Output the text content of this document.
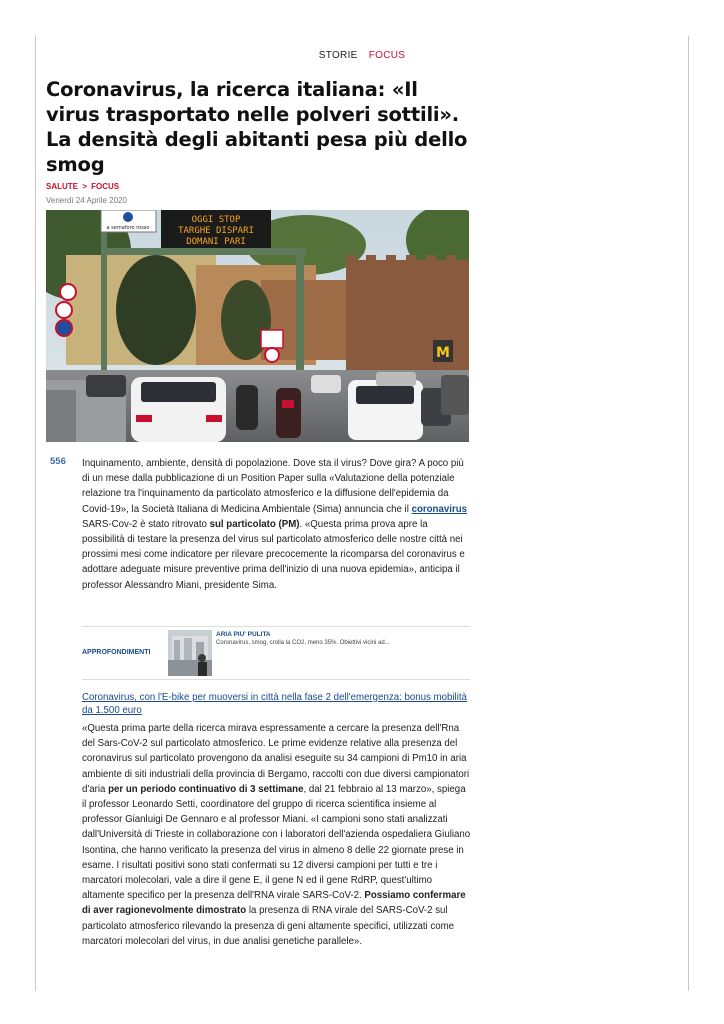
STORIE FOCUS
Coronavirus, la ricerca italiana: «Il virus trasportato nelle polveri sottili». La densità degli abitanti pesa più dello smog
SALUTE > FOCUS
Venerdì 24 Aprile 2020
OGGI STOP
TARGHE DISPARI
DOMANI PARI
a semaforo rosso
M
556 Inquinamento, ambiente, densità di popolazione. Dove sta il virus? Dove gira? A poco più di un mese dalla pubblicazione di un Position Paper sulla «Valutazione della potenziale relazione tra l'inquinamento da particolato atmosferico e la diffusione dell'epidemia da Covid-19», la Società Italiana di Medicina Ambientale (Sima) annuncia che il coronavirus SARS-Cov-2 è stato ritrovato sul particolato (PM). «Questa prima prova apre la possibilità di testare la presenza del virus sul particolato atmosferico delle nostre città nei prossimi mesi come indicatore per rilevare precocemente la ricomparsa del coronavirus e adottare adeguate misure preventive prima dell'inizio di una nuova epidemia», anticipa il professor Alessandro Miani, presidente Sima.

APPROFONDIMENTI
ARIA PIU' PULITA
Coronavirus, smog, crolla la CO2, meno 35%. Obiettivi vicini ad...
Coronavirus, con l'E-bike per muoversi in città nella fase 2 dell'emergenza: bonus mobilità da 1.500 euro

«Questa prima parte della ricerca mirava espressamente a cercare la presenza dell'Rna del Sars-CoV-2 sul particolato atmosferico. Le prime evidenze relative alla presenza del coronavirus sul particolato provengono da analisi eseguite su 34 campioni di Pm10 in aria ambiente di siti industriali della provincia di Bergamo, raccolti con due diversi campionatori d'aria per un periodo continuativo di 3 settimane, dal 21 febbraio al 13 marzo», spiega il professor Leonardo Setti, coordinatore del gruppo di ricerca scientifica insieme al professor Gianluigi De Gennaro e al professor Miani. «I campioni sono stati analizzati dall'Università di Trieste in collaborazione con i laboratori dell'azienda ospedaliera Giuliano Isontina, che hanno verificato la presenza del virus in almeno 8 delle 22 giornate prese in esame. I risultati positivi sono stati confermati su 12 diversi campioni per tutti e tre i marcatori molecolari, vale a dire il gene E, il gene N ed il gene RdRP, quest'ultimo altamente specifico per la presenza dell'RNA virale SARS-CoV-2. Possiamo confermare di aver ragionevolmente dimostrato la presenza di RNA virale del SARS-CoV-2 sul particolato atmosferico rilevando la presenza di geni altamente specifici, utilizzati come marcatori molecolari del virus, in due analisi genetiche parallele».
